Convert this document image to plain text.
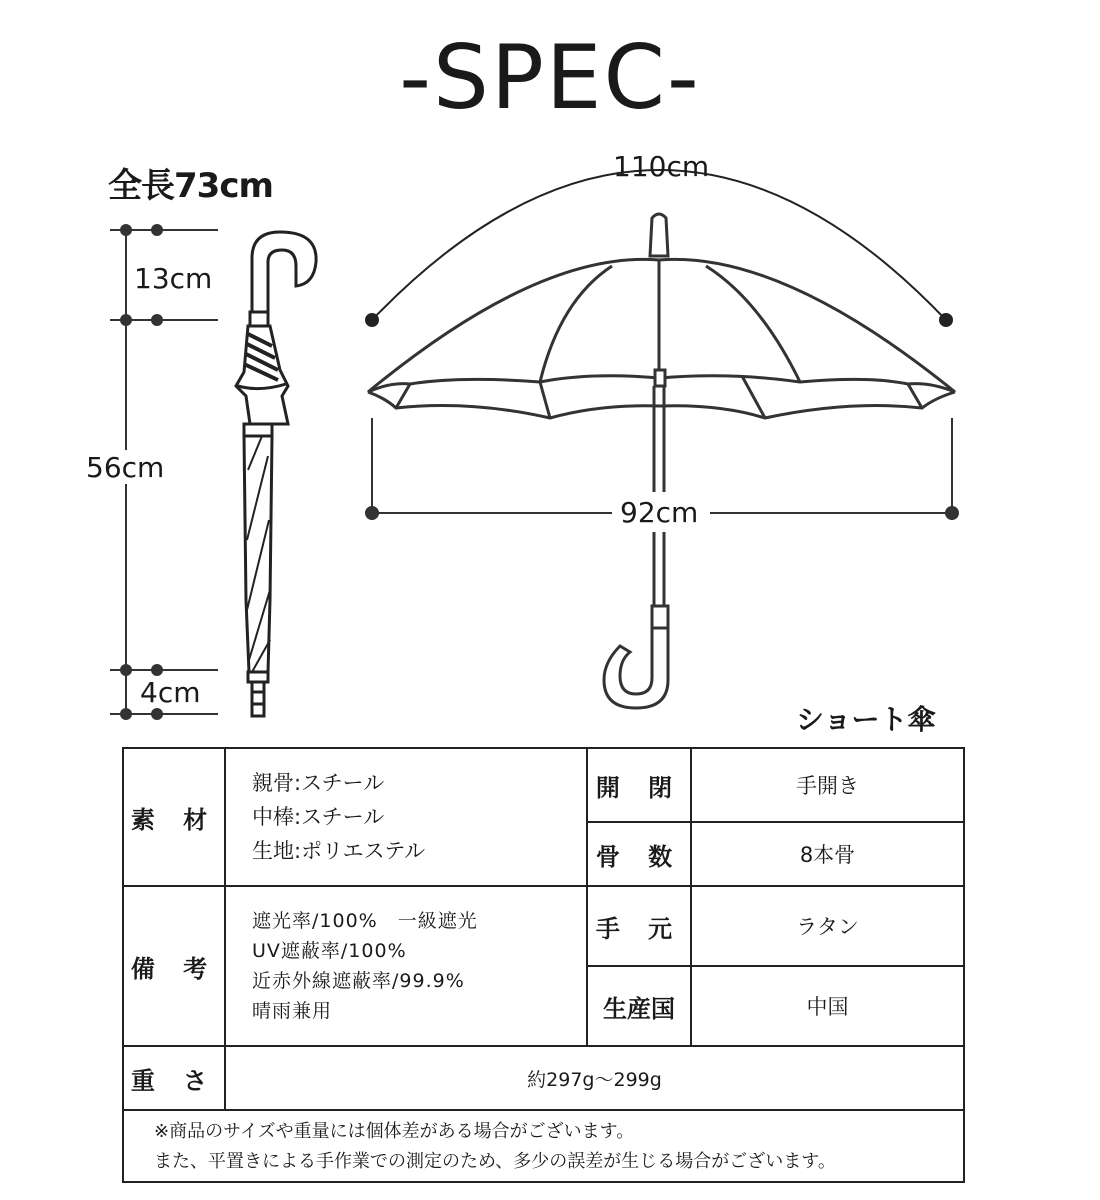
-SPEC-
全長73cm
13cm
56cm
4cm
110cm
92cm
ショート傘
素 材	親骨:スチール
中棒:スチール
生地:ポリエステル	開 閉	手開き
		骨 数	8本骨
備 考	遮光率/100%　一級遮光
UV遮蔽率/100%
近赤外線遮蔽率/99.9%
晴雨兼用	手 元	ラタン
		生産国	中国
重 さ	約297g～299g		

※商品のサイズや重量には個体差がある場合がございます。
また、平置きによる手作業での測定のため、多少の誤差が生じる場合がございます。			
